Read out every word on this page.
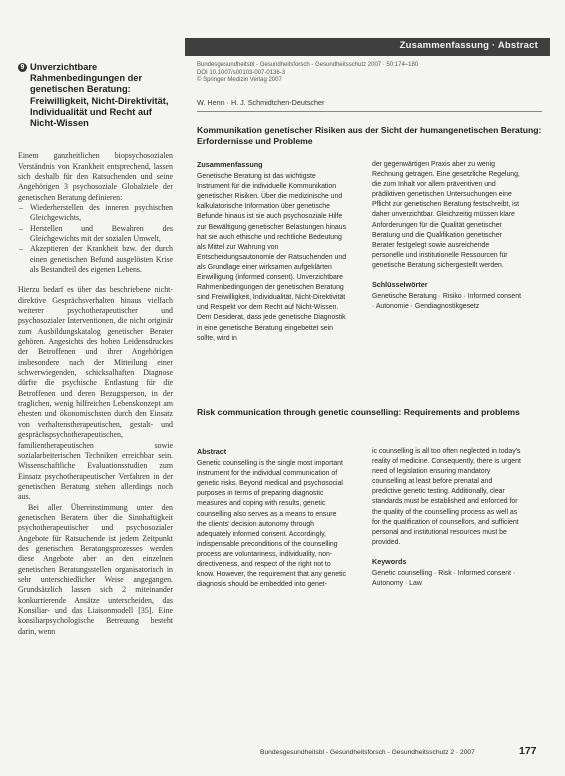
Zusammenfassung · Abstract
9 Unverzichtbare Rahmenbedingungen der genetischen Beratung: Freiwilligkeit, Nicht-Direktivität, Individualität und Recht auf Nicht-Wissen

Einem ganzheitlichen biopsychosozialen Verständnis von Krankheit entsprechend, lassen sich deshalb für den Ratsuchenden und seine Angehörigen 3 psychosoziale Globalziele der genetischen Beratung definieren:

– Wiederherstellen des inneren psychischen Gleichgewichts,
– Herstellen und Bewahren des Gleichgewichts mit der sozialen Umwelt,
– Akzeptieren der Krankheit bzw. der durch einen genetischen Befund ausgelösten Krise als Bestandteil des eigenen Lebens.

Hierzu bedarf es über das beschriebene nicht-direktive Gesprächsverhalten hinaus vielfach weiterer psychotherapeutischer und psychosozialer Interventionen, die nicht originär zum Ausbildungskatalog genetischer Berater gehören. Angesichts des hohen Leidensdruckes der Betroffenen und ihrer Angehörigen insbesondere nach der Mitteilung einer schwerwiegenden, schicksalhaften Diagnose dürfte die psychische Entlastung für die Betroffenen und deren Bezugsperson, in der traglichen, wenig hilfreichen Lebenskonzept am ehesten und ökonomischsten durch den Einsatz von verhaltenstherapeutischen, gestalt- und gesprächspsychotherapeutischen, familientherapeutischen sowie sozialarbeiterischen Techniken erreichbar sein. Wissenschaftliche Evaluationsstudien zum Einsatz psychotherapeutischer Verfahren in der genetischen Beratung stehen allerdings noch aus.

Bei aller Übereinstimmung unter den genetischen Beratern über die Sinnhaftigkeit psychotherapeutischer und psychosozialer Angebote für Ratsuchende ist jedem Zeitpunkt des genetischen Beratungsprozesses werden diese Angebote aber an den einzelnen genetischen Beratungsstellen organisatorisch in sehr unterschiedlicher Weise angegangen. Grundsätzlich lassen sich 2 miteinander konkurrierende Ansätze unterscheiden, das Konsiliar- und das Liaisonmodell [35]. Eine konsiliarpsychologische Betreuung besteht darin, wenn

Bundesgesundheitsbl - Gesundheitsforsch - Gesundheitsschutz 2007 · 50:174–180
DOI 10.1007/s00103-007-0136-3
© Springer Medizin Verlag 2007
W. Henn · H. J. Schmidtchen-Deutscher
Kommunikation genetischer Risiken aus der Sicht der humangenetischen Beratung: Erfordernisse und Probleme
Zusammenfassung

Genetische Beratung ist das wichtigste Instrument für die individuelle Kommunikation genetischer Risiken. Über die medizinische und kalkulatorische Information über genetische Befunde hinaus ist sie auch psychosoziale Hilfe zur Bewältigung genetischer Belastungen hinaus hat sie auch ethische und rechtliche Bedeutung als Mittel zur Wahrung von Entscheidungsautonomie der Ratsuchenden und als Grundlage einer wirksamen aufgeklärten Einwilligung (informed consent). Unverzichtbare Rahmenbedingungen der genetischen Beratung sind Freiwilligkeit, Individualität, Nicht-Direktivität und Respekt vor dem Recht auf Nicht-Wissen. Dem Desiderat, dass jede genetische Diagnostik in eine genetische Beratung eingebettet sein sollte, wird in

der gegenwärtigen Praxis aber zu wenig Rechnung getragen. Eine gesetzliche Regelung, die zum Inhalt vor allem präventiven und prädiktiven genetischen Untersuchungen eine Pflicht zur genetischen Beratung festschreibt, ist daher unverzichtbar. Gleichzeitig müssen klare Anforderungen für die Qualität genetischer Beratung und die Qualifikation genetischer Berater festgelegt sowie ausreichende personelle und institutionelle Ressourcen für genetische Beratung sichergestellt werden.

Schlüsselwörter

Genetische Beratung · Risiko · Informed consent · Autonomie · Gendiagnostikgesetz

Risk communication through genetic counselling: Requirements and problems
Abstract

Genetic counselling is the single most important instrument for the individual communication of genetic risks. Beyond medical and psychosocial purposes in terms of preparing diagnostic measures and coping with results, genetic counselling also serves as a means to ensure the clients' decision autonomy through adequately informed consent. Accordingly, indispensable preconditions of the counselling process are voluntariness, individuality, non-directiveness, and respect of the right not to know. However, the requirement that any genetic diagnosis should be embedded into genet-

ic counselling is all too often neglected in today's reality of medicine. Consequently, there is urgent need of legislation ensuring mandatory counselling at least before prenatal and predictive genetic testing. Additionally, clear standards must be established and enforced for the quality of the counselling process as well as for the qualification of counsellors, and sufficient personal and institutional resources must be provided.

Keywords

Genetic counselling · Risk · Informed consent · Autonomy · Law

Bundesgesundheitsbl - Gesundheitsforsch - Gesundheitsschutz 2 · 2007	177
